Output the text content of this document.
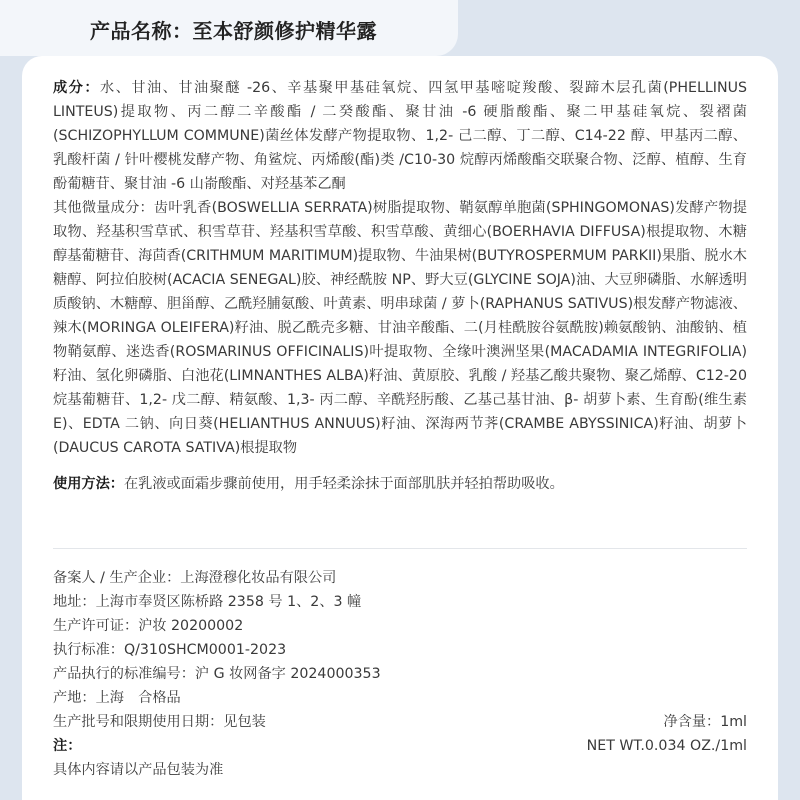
产品名称：至本舒颜修护精华露

成分：水、甘油、甘油聚醚 -26、辛基聚甲基硅氧烷、四氢甲基嘧啶羧酸、裂蹄木层孔菌(PHELLINUS LINTEUS)提取物、丙二醇二辛酸酯 / 二癸酸酯、聚甘油 -6 硬脂酸酯、聚二甲基硅氧烷、裂褶菌(SCHIZOPHYLLUM COMMUNE)菌丝体发酵产物提取物、1,2- 己二醇、丁二醇、C14-22 醇、甲基丙二醇、乳酸杆菌 / 针叶樱桃发酵产物、角鲨烷、丙烯酸(酯)类 /C10-30 烷醇丙烯酸酯交联聚合物、泛醇、植醇、生育酚葡糖苷、聚甘油 -6 山嵛酸酯、对羟基苯乙酮

其他微量成分：齿叶乳香(BOSWELLIA SERRATA)树脂提取物、鞘氨醇单胞菌(SPHINGOMONAS)发酵产物提取物、羟基积雪草甙、积雪草苷、羟基积雪草酸、积雪草酸、黄细心(BOERHAVIA DIFFUSA)根提取物、木糖醇基葡糖苷、海茴香(CRITHMUM MARITIMUM)提取物、牛油果树(BUTYROSPERMUM PARKII)果脂、脱水木糖醇、阿拉伯胶树(ACACIA SENEGAL)胶、神经酰胺 NP、野大豆(GLYCINE SOJA)油、大豆卵磷脂、水解透明质酸钠、木糖醇、胆甾醇、乙酰羟脯氨酸、叶黄素、明串球菌 / 萝卜(RAPHANUS SATIVUS)根发酵产物滤液、辣木(MORINGA OLEIFERA)籽油、脱乙酰壳多糖、甘油辛酸酯、二(月桂酰胺谷氨酰胺)赖氨酸钠、油酸钠、植物鞘氨醇、迷迭香(ROSMARINUS OFFICINALIS)叶提取物、全缘叶澳洲坚果(MACADAMIA INTEGRIFOLIA)籽油、氢化卵磷脂、白池花(LIMNANTHES ALBA)籽油、黄原胶、乳酸 / 羟基乙酸共聚物、聚乙烯醇、C12-20 烷基葡糖苷、1,2- 戊二醇、精氨酸、1,3- 丙二醇、辛酰羟肟酸、乙基己基甘油、β- 胡萝卜素、生育酚(维生素 E)、EDTA 二钠、向日葵(HELIANTHUS ANNUUS)籽油、深海两节荠(CRAMBE ABYSSINICA)籽油、胡萝卜(DAUCUS CAROTA SATIVA)根提取物

使用方法：在乳液或面霜步骤前使用，用手轻柔涂抹于面部肌肤并轻拍帮助吸收。

备案人 / 生产企业：上海澄穆化妆品有限公司
地址：上海市奉贤区陈桥路 2358 号 1、2、3 幢
生产许可证：沪妆 20200002
执行标准：Q/310SHCM0001-2023
产品执行的标准编号：沪 G 妆网备字 2024000353
产地：上海　合格品
生产批号和限期使用日期：见包装	净含量：1ml
注：
具体内容请以产品包装为准
NET WT.0.034 OZ./1ml
